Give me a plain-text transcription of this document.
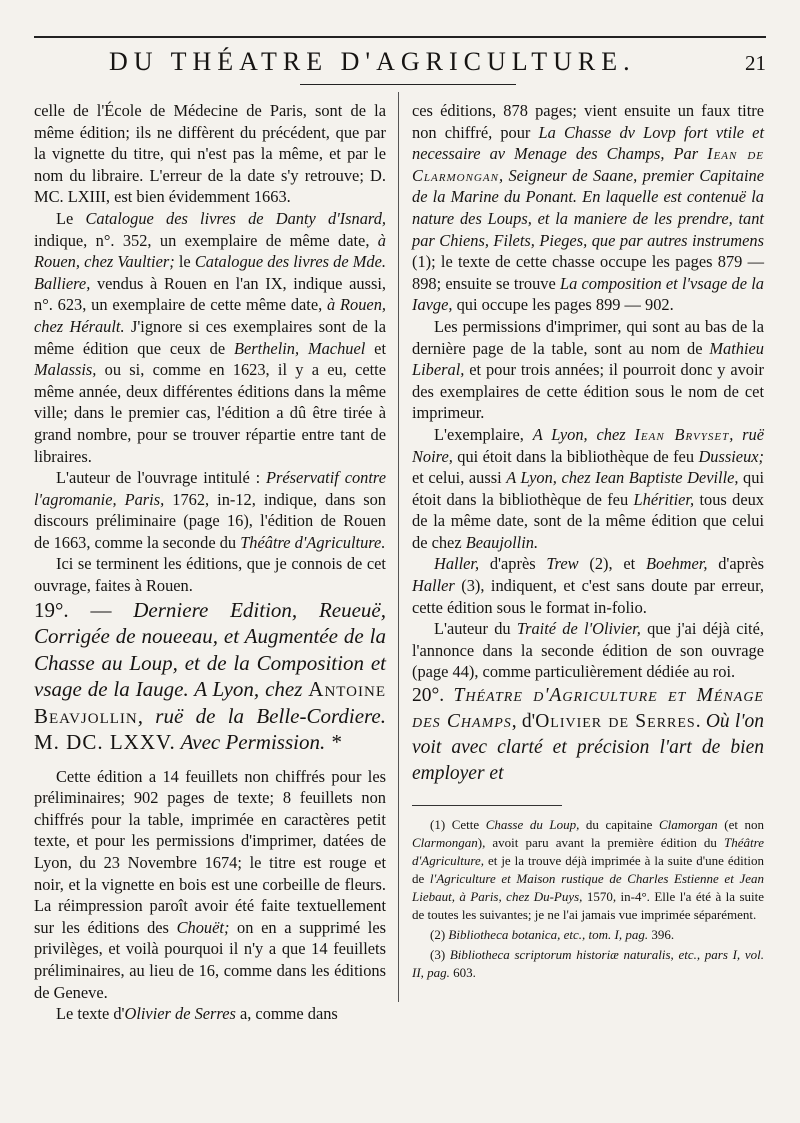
DU THÉATRE D'AGRICULTURE.	21

celle de l'École de Médecine de Paris, sont de la même édition; ils ne diffèrent du précédent, que par la vignette du titre, qui n'est pas la même, et par le nom du libraire. L'erreur de la date s'y retrouve; D. MC. LXIII, est bien évidemment 1663.

Le Catalogue des livres de Danty d'Isnard, indique, n°. 352, un exemplaire de même date, à Rouen, chez Vaultier; le Catalogue des livres de Mde. Balliere, vendus à Rouen en l'an IX, indique aussi, n°. 623, un exemplaire de cette même date, à Rouen, chez Hérault. J'ignore si ces exemplaires sont de la même édition que ceux de Berthelin, Machuel et Malassis, ou si, comme en 1623, il y a eu, cette même année, deux différentes éditions dans la même ville; dans le premier cas, l'édition a dû être tirée à grand nombre, pour se trouver répartie entre tant de libraires.

L'auteur de l'ouvrage intitulé : Préservatif contre l'agromanie, Paris, 1762, in-12, indique, dans son discours préliminaire (page 16), l'édition de Rouen de 1663, comme la seconde du Théâtre d'Agriculture.

Ici se terminent les éditions, que je connois de cet ouvrage, faites à Rouen.

19°. — Derniere Edition, Reueuë, Corrigée de noueeau, et Augmentée de la Chasse au Loup, et de la Composition et vsage de la Iauge. A Lyon, chez Antoine Beavjollin, ruë de la Belle-Cordiere. M. DC. LXXV. Avec Permission. *

Cette édition a 14 feuillets non chiffrés pour les préliminaires; 902 pages de texte; 8 feuillets non chiffrés pour la table, imprimée en caractères petit texte, et pour les permissions d'imprimer, datées de Lyon, du 23 Novembre 1674; le titre est rouge et noir, et la vignette en bois est une corbeille de fleurs. La réimpression paroît avoir été faite textuellement sur les éditions des Chouët; on en a supprimé les privilèges, et voilà pourquoi il n'y a que 14 feuillets préliminaires, au lieu de 16, comme dans les éditions de Geneve.

Le texte d'Olivier de Serres a, comme dans

ces éditions, 878 pages; vient ensuite un faux titre non chiffré, pour La Chasse dv Lovp fort vtile et necessaire av Menage des Champs, Par Iean de Clarmongan, Seigneur de Saane, premier Capitaine de la Marine du Ponant. En laquelle est contenuë la nature des Loups, et la maniere de les prendre, tant par Chiens, Filets, Pieges, que par autres instrumens (1); le texte de cette chasse occupe les pages 879 — 898; ensuite se trouve La composition et l'vsage de la Iavge, qui occupe les pages 899 — 902.

Les permissions d'imprimer, qui sont au bas de la dernière page de la table, sont au nom de Mathieu Liberal, et pour trois années; il pourroit donc y avoir des exemplaires de cette édition sous le nom de cet imprimeur.

L'exemplaire, A Lyon, chez Iean Brvyset, ruë Noire, qui étoit dans la bibliothèque de feu Dussieux; et celui, aussi A Lyon, chez Iean Baptiste Deville, qui étoit dans la bibliothèque de feu Lhéritier, tous deux de la même date, sont de la même édition que celui de chez Beaujollin.

Haller, d'après Trew (2), et Boehmer, d'après Haller (3), indiquent, et c'est sans doute par erreur, cette édition sous le format in-folio.

L'auteur du Traité de l'Olivier, que j'ai déjà cité, l'annonce dans la seconde édition de son ouvrage (page 44), comme particulièrement dédiée au roi.

20°. Théatre d'Agriculture et Ménage des Champs, d'Olivier de Serres. Où l'on voit avec clarté et précision l'art de bien employer et

(1) Cette Chasse du Loup, du capitaine Clamorgan (et non Clarmongan), avoit paru avant la première édition du Théâtre d'Agriculture, et je la trouve déjà imprimée à la suite d'une édition de l'Agriculture et Maison rustique de Charles Estienne et Jean Liebaut, à Paris, chez Du-Puys, 1570, in-4°. Elle l'a été à la suite de toutes les suivantes; je ne l'ai jamais vue imprimée séparément.

(2) Bibliotheca botanica, etc., tom. I, pag. 396.

(3) Bibliotheca scriptorum historiæ naturalis, etc., pars I, vol. II, pag. 603.
